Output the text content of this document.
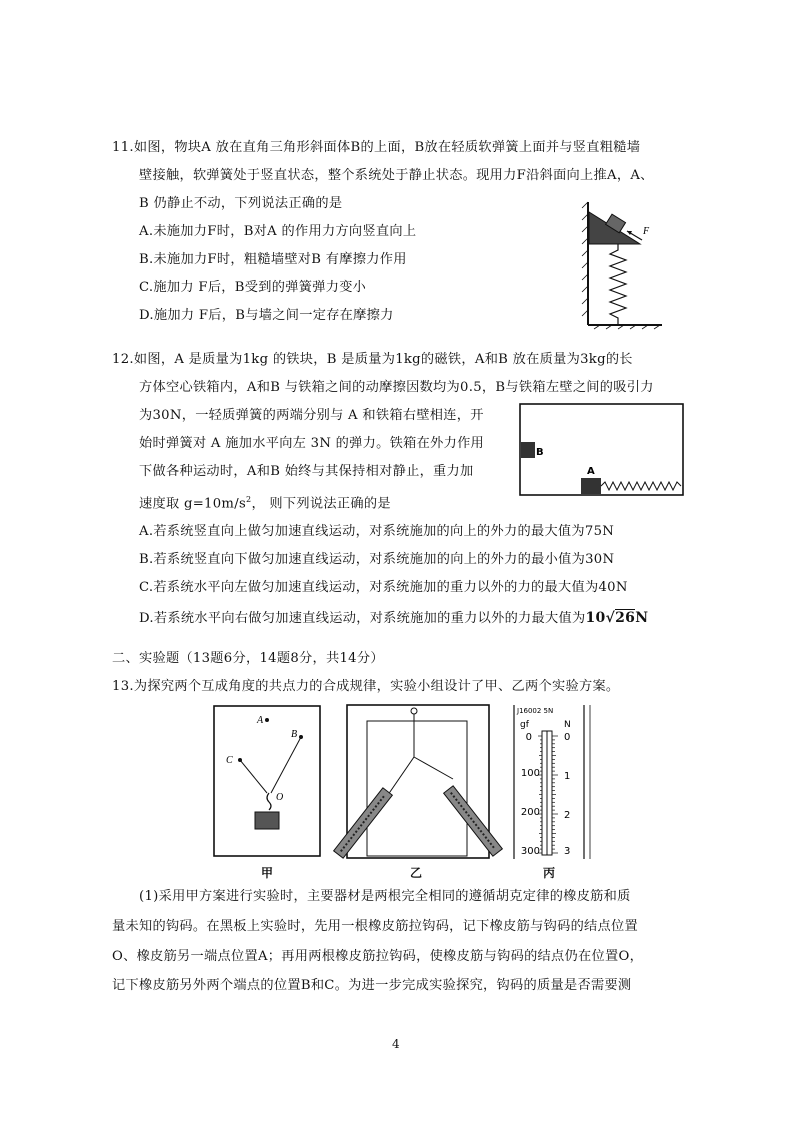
11.如图，物块A 放在直角三角形斜面体B的上面，B放在轻质软弹簧上面并与竖直粗糙墙
壁接触，软弹簧处于竖直状态，整个系统处于静止状态。现用力F沿斜面向上推A，A、
B 仍静止不动，下列说法正确的是
A.未施加力F时，B对A 的作用力方向竖直向上
B.未施加力F时，粗糙墙壁对B 有摩擦力作用
C.施加力 F后，B受到的弹簧弹力变小
D.施加力 F后，B与墙之间一定存在摩擦力
F
12.如图，A 是质量为1kg 的铁块，B 是质量为1kg的磁铁，A和B 放在质量为3kg的长
方体空心铁箱内，A和B 与铁箱之间的动摩擦因数均为0.5，B与铁箱左壁之间的吸引力
为30N，一轻质弹簧的两端分别与 A 和铁箱右壁相连，开
始时弹簧对 A 施加水平向左 3N 的弹力。铁箱在外力作用
下做各种运动时，A和B 始终与其保持相对静止，重力加
速度取 $g=10m/s^2$， 则下列说法正确的是
B
A
A.若系统竖直向上做匀加速直线运动，对系统施加的向上的外力的最大值为75N
B.若系统竖直向下做匀加速直线运动，对系统施加的向上的外力的最小值为30N
C.若系统水平向左做匀加速直线运动，对系统施加的重力以外的力的最大值为40N
D.若系统水平向右做匀加速直线运动，对系统施加的重力以外的力最大值为10√26N
二、实验题（13题6分，14题8分，共14分）
13.为探究两个互成角度的共点力的合成规律，实验小组设计了甲、乙两个实验方案。
A
B
C
O
J16002 5N
gf	N
0
100
200
300
0
1
2
3
甲	乙	丙
(1)采用甲方案进行实验时，主要器材是两根完全相同的遵循胡克定律的橡皮筋和质
量未知的钩码。在黑板上实验时，先用一根橡皮筋拉钩码，记下橡皮筋与钩码的结点位置
O、橡皮筋另一端点位置A；再用两根橡皮筋拉钩码，使橡皮筋与钩码的结点仍在位置O，
记下橡皮筋另外两个端点的位置B和C。为进一步完成实验探究，钩码的质量是否需要测
4
